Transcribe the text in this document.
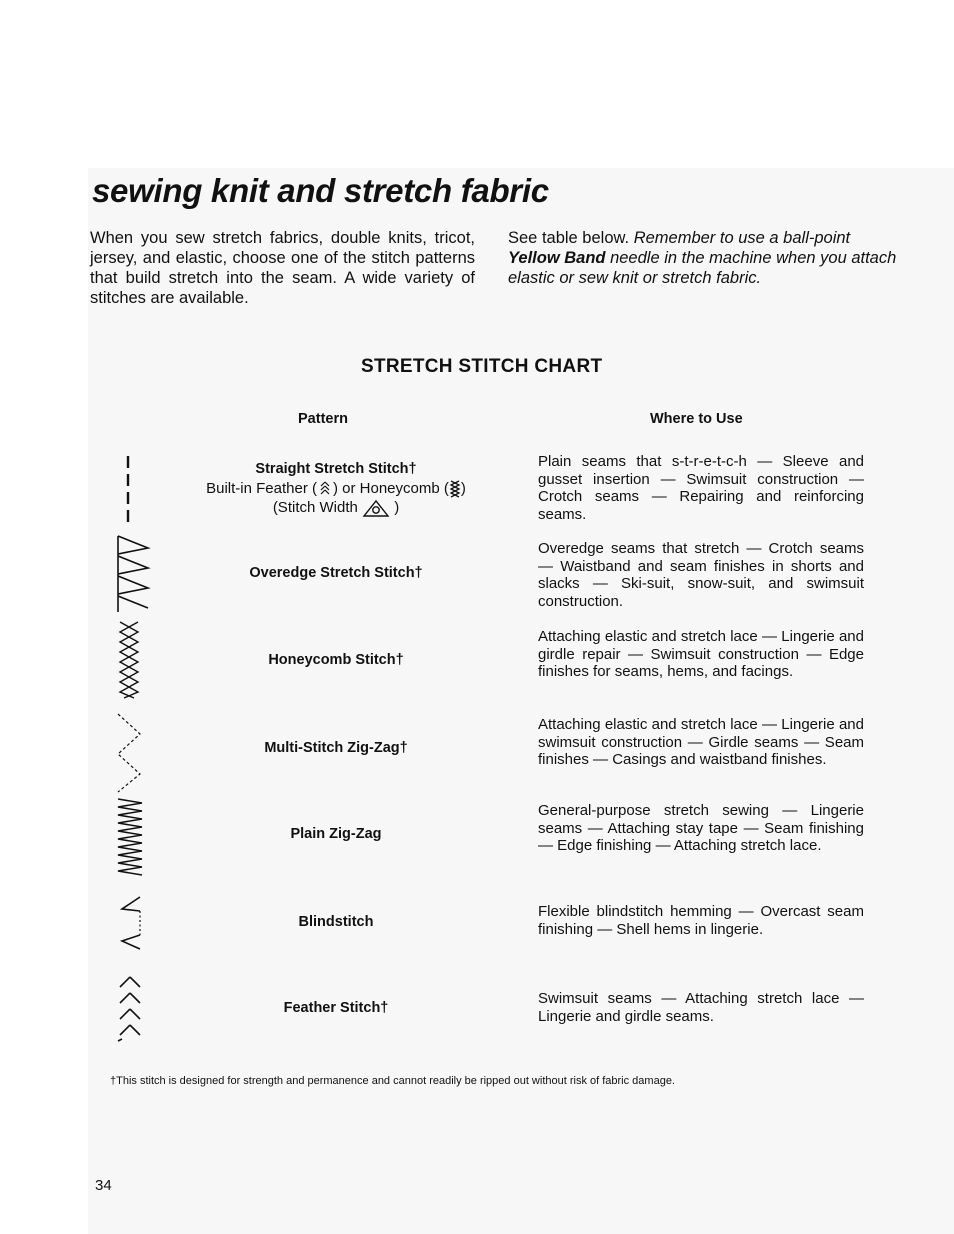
sewing knit and stretch fabric

When you sew stretch fabrics, double knits, tricot, jersey, and elastic, choose one of the stitch patterns that build stretch into the seam. A wide variety of stitches are available.

See table below. Remember to use a ball-point Yellow Band needle in the machine when you attach elastic or sew knit or stretch fabric.

STRETCH STITCH CHART
Pattern	Where to Use
Straight Stretch Stitch†
Built-in Feather ( ) or Honeycomb ( )
(Stitch Width )

Plain seams that s-t-r-e-t-c-h — Sleeve and gusset insertion — Swimsuit construction — Crotch seams — Repairing and reinforcing seams.

Overedge Stretch Stitch†

Overedge seams that stretch — Crotch seams — Waistband and seam finishes in shorts and slacks — Ski-suit, snow-suit, and swimsuit construction.

Honeycomb Stitch†

Attaching elastic and stretch lace — Lingerie and girdle repair — Swimsuit construction — Edge finishes for seams, hems, and facings.

Multi-Stitch Zig-Zag†

Attaching elastic and stretch lace — Lingerie and swimsuit construction — Girdle seams — Seam finishes — Casings and waistband finishes.

Plain Zig-Zag

General-purpose stretch sewing — Lingerie seams — Attaching stay tape — Seam finishing — Edge finishing — Attaching stretch lace.

Blindstitch

Flexible blindstitch hemming — Overcast seam finishing — Shell hems in lingerie.

Feather Stitch†

Swimsuit seams — Attaching stretch lace — Lingerie and girdle seams.

†This stitch is designed for strength and permanence and cannot readily be ripped out without risk of fabric damage.
34
